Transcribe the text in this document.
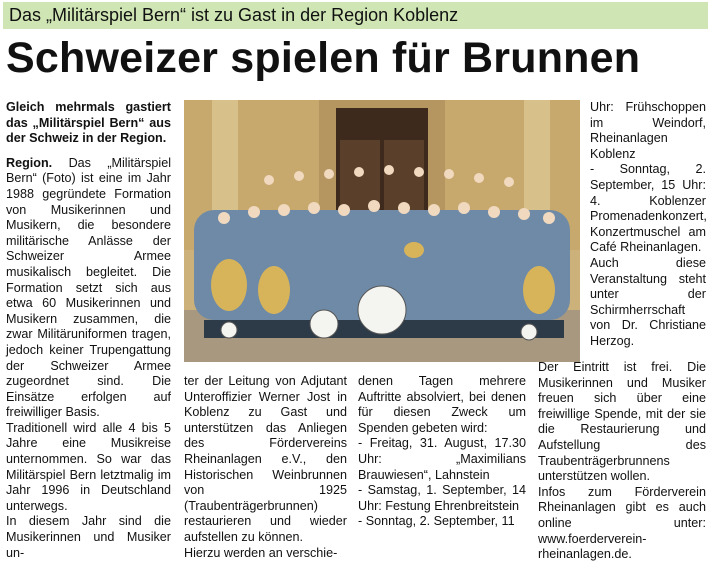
Das „Militärspiel Bern“ ist zu Gast in der Region Koblenz
Schweizer spielen für Brunnen

Gleich mehrmals gastiert das „Militärspiel Bern“ aus der Schweiz in der Region.

Region. Das „Militärspiel Bern“ (Foto) ist eine im Jahr 1988 gegründete Formation von Musikerinnen und Musikern, die besondere militärische Anlässe der Schweizer Armee musikalisch begleitet. Die Formation setzt sich aus etwa 60 Musikerinnen und Musikern zusammen, die zwar Militäruniformen tragen, jedoch keiner Trupengattung der Schweizer Armee zugeordnet sind. Die Einsätze erfolgen auf freiwilliger Basis.

Traditionell wird alle 4 bis 5 Jahre eine Musikreise unternommen. So war das Militärspiel Bern letztmalig im Jahr 1996 in Deutschland unterwegs.

In diesem Jahr sind die Musikerinnen und Musiker un-

ter der Leitung von Adjutant Unteroffizier Werner Jost in Koblenz zu Gast und unterstützen das Anliegen des Fördervereins Rheinanlagen e.V., den Historischen Weinbrunnen von 1925 (Traubenträgerbrunnen) restaurieren und wieder aufstellen zu können.

Hierzu werden an verschie-

denen Tagen mehrere Auftritte absolviert, bei denen für diesen Zweck um Spenden gebeten wird:

- Freitag, 31. August, 17.30 Uhr: „Maximilians Brauwiesen“, Lahnstein

- Samstag, 1. September, 14 Uhr: Festung Ehrenbreitstein

- Sonntag, 2. September, 11

Uhr: Frühschoppen im Weindorf, Rheinanlagen Koblenz

- Sonntag, 2. September, 15 Uhr: 4. Koblenzer Promenadenkonzert, Konzertmuschel am Café Rheinanlagen.

Auch diese Veranstaltung steht unter der Schirmherrschaft von Dr. Christiane Herzog.

Der Eintritt ist frei. Die Musikerinnen und Musiker freuen sich über eine freiwillige Spende, mit der sie die Restaurierung und Aufstellung des Traubenträgerbrunnens unterstützen wollen.

Infos zum Förderverein Rheinanlagen gibt es auch online unter: www.foerderverein-rheinanlagen.de.
